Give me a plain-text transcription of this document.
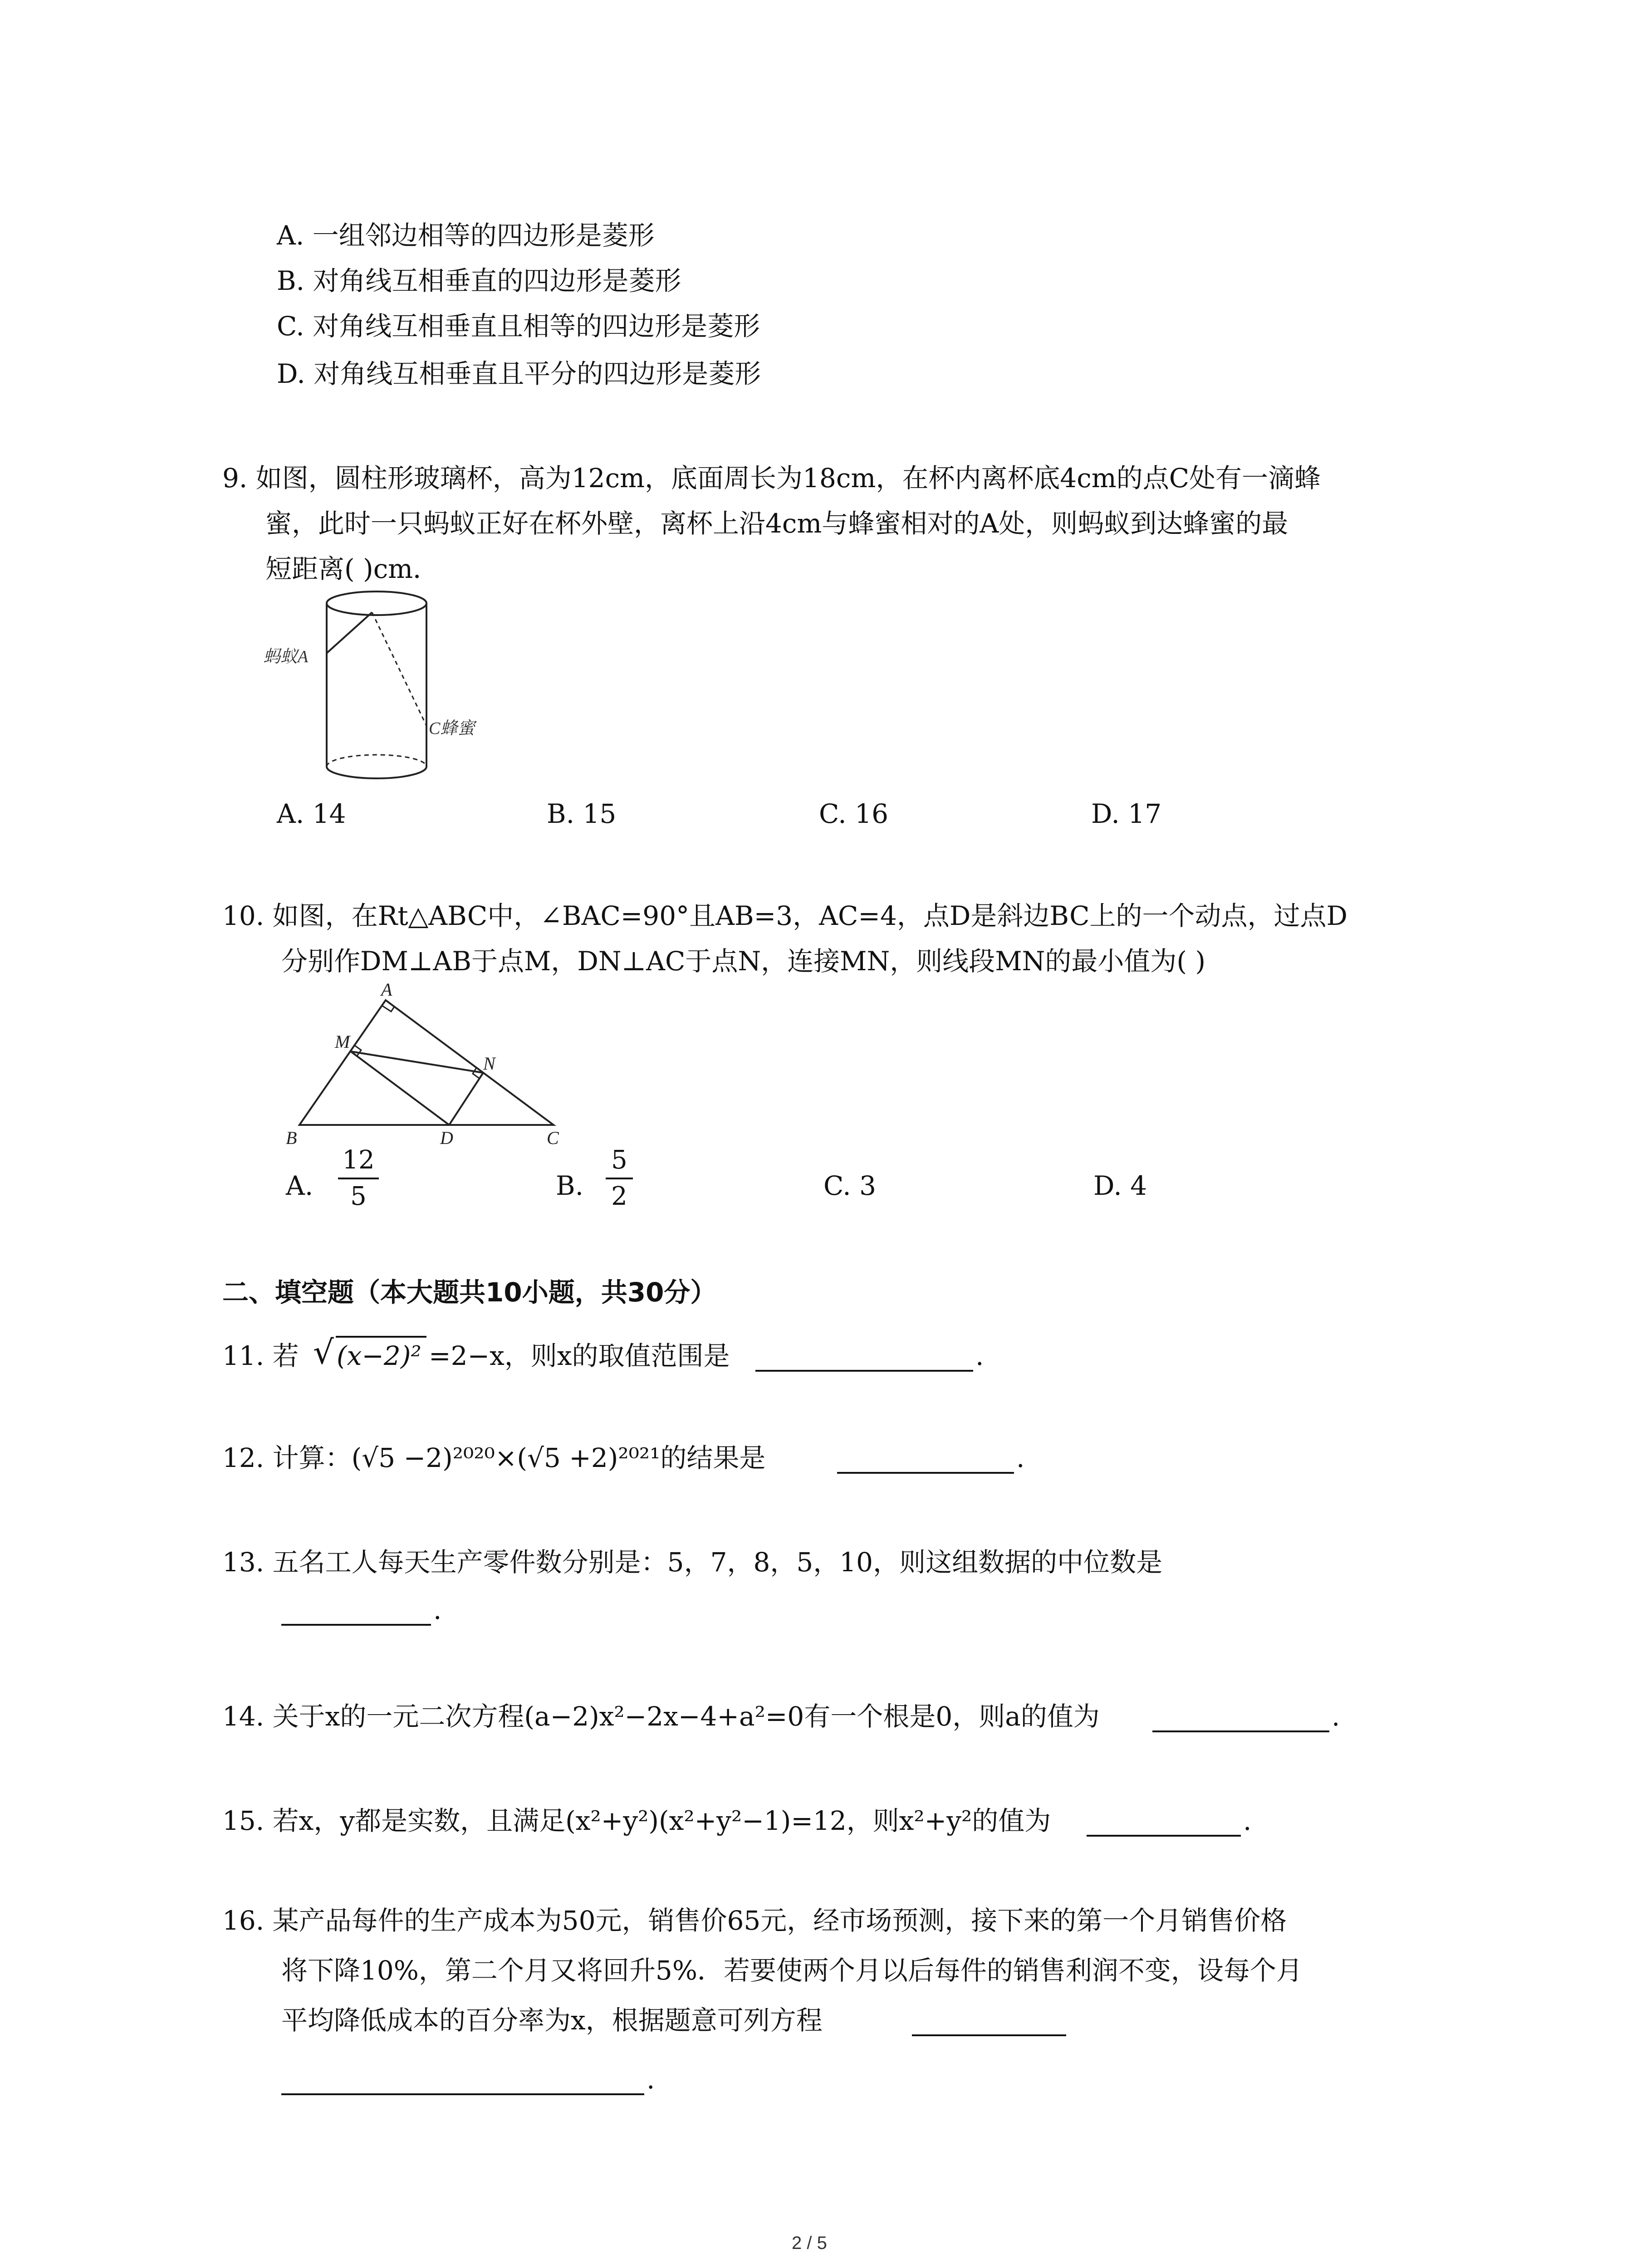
A. 一组邻边相等的四边形是菱形
B. 对角线互相垂直的四边形是菱形
C. 对角线互相垂直且相等的四边形是菱形
D. 对角线互相垂直且平分的四边形是菱形
9. 如图，圆柱形玻璃杯，高为12cm，底面周长为18cm，在杯内离杯底4cm的点C处有一滴蜂
蜜，此时一只蚂蚁正好在杯外壁，离杯上沿4cm与蜂蜜相对的A处，则蚂蚁到达蜂蜜的最
短距离( )cm．
蚂蚁A
C蜂蜜
A. 14	B. 15	C. 16	D. 17
10. 如图，在Rt△ABC中，∠BAC=90°且AB=3，AC=4，点D是斜边BC上的一个动点，过点D
分别作DM⊥AB于点M，DN⊥AC于点N，连接MN，则线段MN的最小值为( )
A
M
N
B	D	C
A.
12
5	B.
5
2	C. 3	D. 4
二、填空题（本大题共10小题，共30分）
11. 若 √ (x−2)² =2−x，则x的取值范围是	.
12. 计算：(√5 −2)²⁰²⁰×(√5 +2)²⁰²¹的结果是	.
13. 五名工人每天生产零件数分别是：5，7，8，5，10，则这组数据的中位数是
.
14. 关于x的一元二次方程(a−2)x²−2x−4+a²=0有一个根是0，则a的值为	.
15. 若x，y都是实数，且满足(x²+y²)(x²+y²−1)=12，则x²+y²的值为	.
16. 某产品每件的生产成本为50元，销售价65元，经市场预测，接下来的第一个月销售价格
将下降10%，第二个月又将回升5%．若要使两个月以后每件的销售利润不变，设每个月
平均降低成本的百分率为x，根据题意可列方程
.
2 / 5
